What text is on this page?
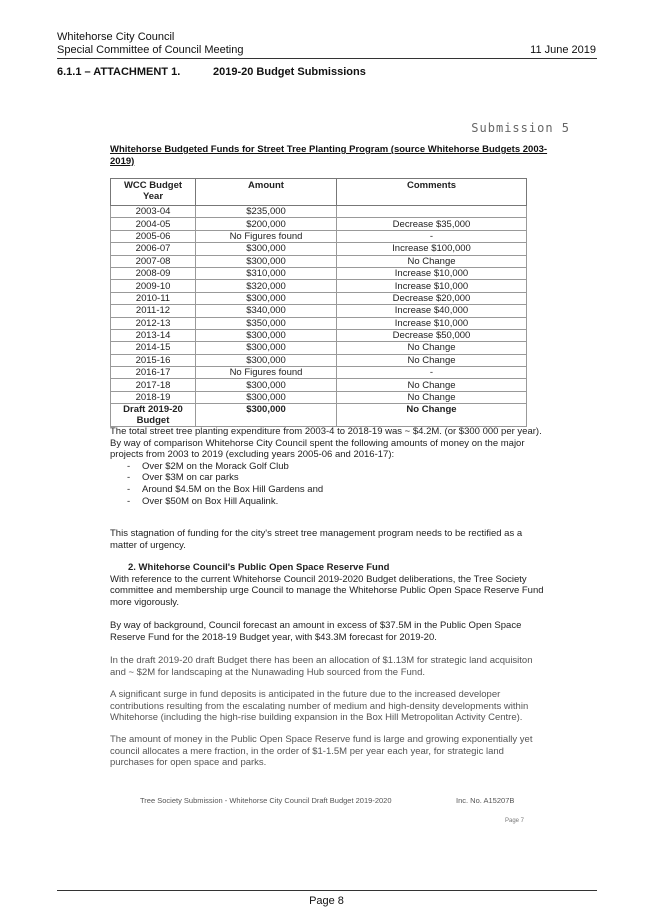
Whitehorse City Council
Special Committee of Council Meeting	11 June 2019
6.1.1 – ATTACHMENT 1.	2019-20 Budget Submissions
Submission 5
Whitehorse Budgeted Funds for Street Tree Planting Program (source Whitehorse Budgets 2003-2019)
WCC Budget Year	Amount	Comments
2003-04	$235,000	
2004-05	$200,000	Decrease $35,000
2005-06	No Figures found	-
2006-07	$300,000	Increase $100,000
2007-08	$300,000	No Change
2008-09	$310,000	Increase $10,000
2009-10	$320,000	Increase $10,000
2010-11	$300,000	Decrease $20,000
2011-12	$340,000	Increase $40,000
2012-13	$350,000	Increase $10,000
2013-14	$300,000	Decrease $50,000
2014-15	$300,000	No Change
2015-16	$300,000	No Change
2016-17	No Figures found	-
2017-18	$300,000	No Change
2018-19	$300,000	No Change
Draft 2019-20 Budget	$300,000	No Change

The total street tree planting expenditure from 2003-4 to 2018-19 was ~ $4.2M. (or $300 000 per year).

By way of comparison Whitehorse City Council spent the following amounts of money on the major projects from 2003 to 2019 (excluding years 2005-06 and 2016-17):

- Over $2M on the Morack Golf Club
- Over $3M on car parks
- Around $4.5M on the Box Hill Gardens and
- Over $50M on Box Hill Aqualink.
This stagnation of funding for the city's street tree management program needs to be rectified as a matter of urgency.

2. Whitehorse Council's Public Open Space Reserve Fund

With reference to the current Whitehorse Council 2019-2020 Budget deliberations, the Tree Society committee and membership urge Council to manage the Whitehorse Public Open Space Reserve Fund more vigorously.

By way of background, Council forecast an amount in excess of $37.5M in the Public Open Space Reserve Fund for the 2018-19 Budget year, with $43.3M forecast for 2019-20.
In the draft 2019-20 draft Budget there has been an allocation of $1.13M for strategic land acquisiton and ~ $2M for landscaping at the Nunawading Hub sourced from the Fund.
A significant surge in fund deposits is anticipated in the future due to the increased developer contributions resulting from the escalating number of medium and high-density developments within Whitehorse (including the high-rise building expansion in the Box Hill Metropolitan Activity Centre).
The amount of money in the Public Open Space Reserve fund is large and growing exponentially yet council allocates a mere fraction, in the order of $1-1.5M per year each year, for strategic land purchases for open space and parks.
Tree Society Submission - Whitehorse City Council Draft Budget 2019-2020	Inc. No. A15207B
Page 7
Page 8
